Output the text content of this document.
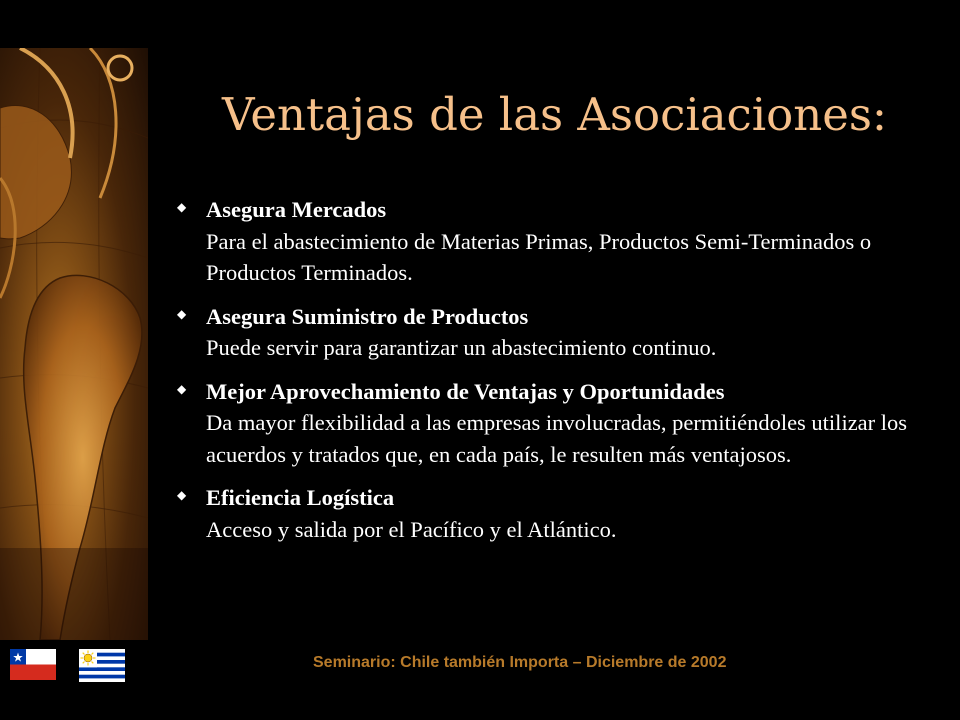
Ventajas de las Asociaciones:
◆ Asegura Mercados
Para el abastecimiento de Materias Primas, Productos Semi-Terminados o Productos Terminados.
◆ Asegura Suministro de Productos
Puede servir para garantizar un abastecimiento continuo.
◆ Mejor Aprovechamiento de Ventajas y Oportunidades
Da mayor flexibilidad a las empresas involucradas, permitiéndoles utilizar los acuerdos y tratados que, en cada país, le resulten más ventajosos.
◆ Eficiencia Logística
Acceso y salida por el Pacífico y el Atlántico.
Seminario: Chile también Importa – Diciembre de 2002
